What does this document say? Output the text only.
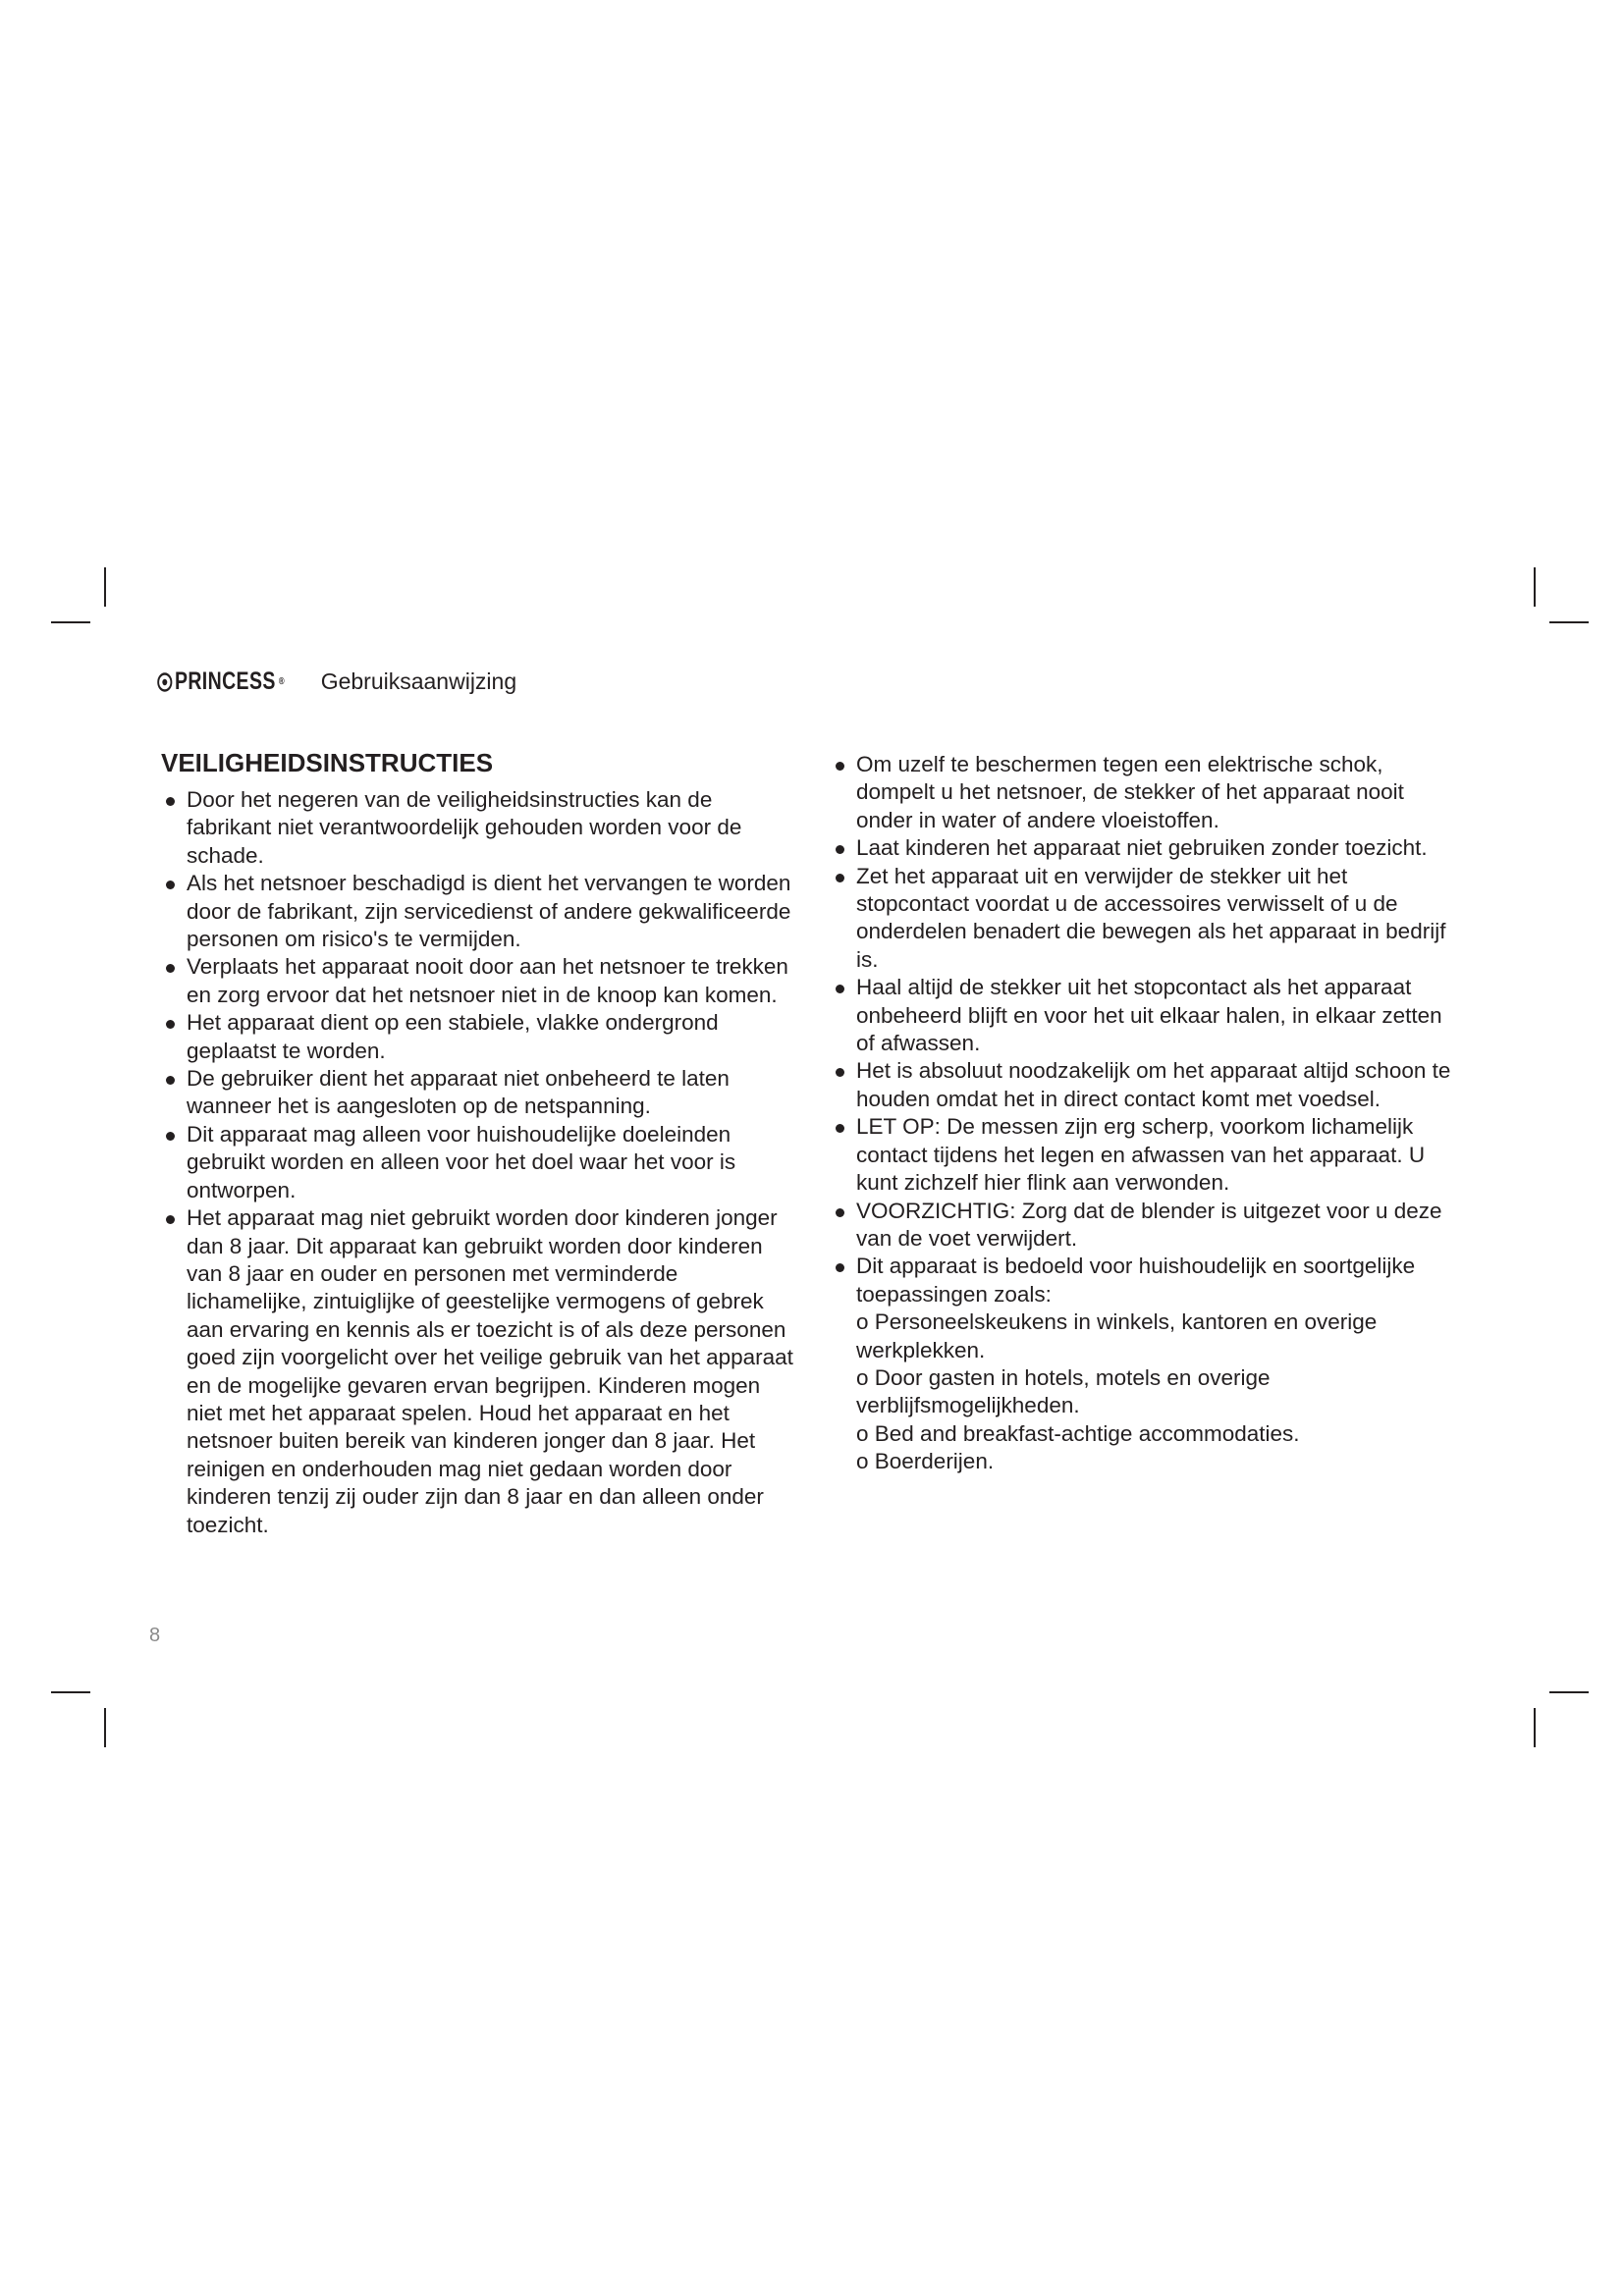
PRINCESS ® Gebruiksaanwijzing
VEILIGHEIDSINSTRUCTIES
Door het negeren van de veiligheidsinstructies kan de fabrikant niet verantwoordelijk gehouden worden voor de schade.
Als het netsnoer beschadigd is dient het vervangen te worden door de fabrikant, zijn servicedienst of andere gekwalificeerde personen om risico's te vermijden.
Verplaats het apparaat nooit door aan het netsnoer te trekken en zorg ervoor dat het netsnoer niet in de knoop kan komen.
Het apparaat dient op een stabiele, vlakke ondergrond geplaatst te worden.
De gebruiker dient het apparaat niet onbeheerd te laten wanneer het is aangesloten op de netspanning.
Dit apparaat mag alleen voor huishoudelijke doeleinden gebruikt worden en alleen voor het doel waar het voor is ontworpen.
Het apparaat mag niet gebruikt worden door kinderen jonger dan 8 jaar. Dit apparaat kan gebruikt worden door kinderen van 8 jaar en ouder en personen met verminderde lichamelijke, zintuiglijke of geestelijke vermogens of gebrek aan ervaring en kennis als er toezicht is of als deze personen goed zijn voorgelicht over het veilige gebruik van het apparaat en de mogelijke gevaren ervan begrijpen. Kinderen mogen niet met het apparaat spelen. Houd het apparaat en het netsnoer buiten bereik van kinderen jonger dan 8 jaar. Het reinigen en onderhouden mag niet gedaan worden door kinderen tenzij zij ouder zijn dan 8 jaar en dan alleen onder toezicht.
Om uzelf te beschermen tegen een elektrische schok, dompelt u het netsnoer, de stekker of het apparaat nooit onder in water of andere vloeistoffen.
Laat kinderen het apparaat niet gebruiken zonder toezicht.
Zet het apparaat uit en verwijder de stekker uit het stopcontact voordat u de accessoires verwisselt of u de onderdelen benadert die bewegen als het apparaat in bedrijf is.
Haal altijd de stekker uit het stopcontact als het apparaat onbeheerd blijft en voor het uit elkaar halen, in elkaar zetten of afwassen.
Het is absoluut noodzakelijk om het apparaat altijd schoon te houden omdat het in direct contact komt met voedsel.
LET OP: De messen zijn erg scherp, voorkom lichamelijk contact tijdens het legen en afwassen van het apparaat. U kunt zichzelf hier flink aan verwonden.
VOORZICHTIG: Zorg dat de blender is uitgezet voor u deze van de voet verwijdert.
Dit apparaat is bedoeld voor huishoudelijk en soortgelijke toepassingen zoals:
o Personeelskeukens in winkels, kantoren en overige werkplekken.
o Door gasten in hotels, motels en overige verblijfsmogelijkheden.
o Bed and breakfast-achtige accommodaties.
o Boerderijen.
8
